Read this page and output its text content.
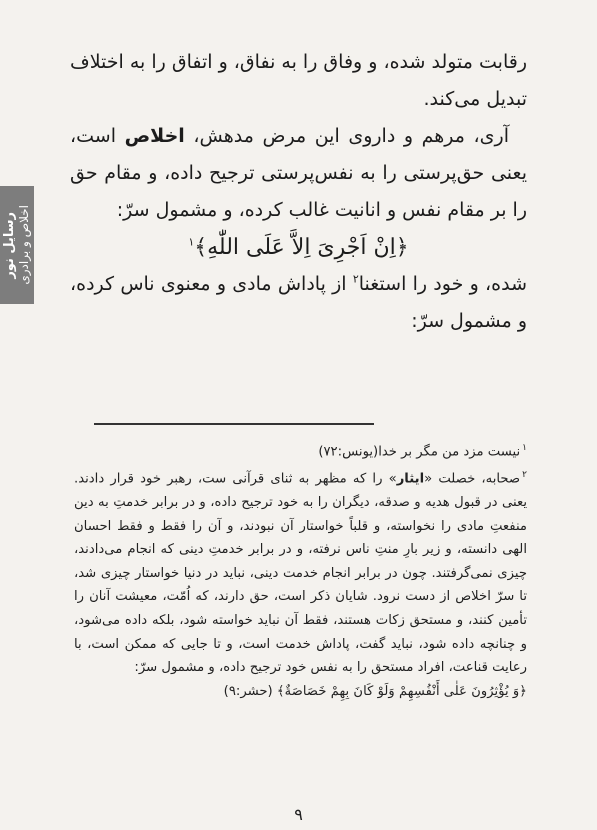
رسایل نور اخلاص و برادری

رقابت متولد شده، و وفاق را به نفاق، و اتفاق را به اختلاف تبدیل می‌کند.

آری، مرهم و داروی این مرض مدهش، اخلاص است، یعنی حق‌پرستی را به نفس‌پرستی ترجیح داده، و مقام حق را بر مقام نفس و انانیت غالب کرده، و مشمول سرّ:

﴿اِنْ اَجْرِیَ اِلاَّ عَلَی اللّٰهِ﴾$^۱$

شده، و خود را استغنا$^۲$ از پاداش مادی و معنوی ناس کرده، و مشمول سرّ:

$^۱$نیست مزد من مگر بر خدا(یونس:۷۲)

$^۲$صحابه، خصلت «ایثار» را که مظهر به ثنای قرآنی ست، رهبر خود قرار دادند. یعنی در قبول هدیه و صدقه، دیگران را به خود ترجیح داده، و در برابر خدمتِ به دین منفعتِ مادی را نخواسته، و قلباً خواستار آن نبودند، و آن را فقط و فقط احسان الهی دانسته، و زیر بارِ منتِ ناس نرفته، و در برابر خدمتِ دینی که انجام می‌دادند، چیزی نمی‌گرفتند. چون در برابر انجام خدمت دینی، نباید در دنیا خواستار چیزی شد، تا سرّ اخلاص از دست نرود. شایان ذکر است، حق دارند، که اُمّت، معیشت آنان را تأمین کنند، و مستحق زکات هستند، فقط آن نباید خواسته شود، بلکه داده می‌شود، و چنانچه داده شود، نباید گفت، پاداش خدمت است، و تا جایی که ممکن است، با رعایت قناعت، افراد مستحق را به نفس خود ترجیح داده، و مشمول سرّ:

﴿وَ يُؤْثِرُونَ عَلٰى أَنْفُسِهِمْ وَلَوْ كَانَ بِهِمْ خَصَاصَةٌ﴾ (حشر:۹)

۹
